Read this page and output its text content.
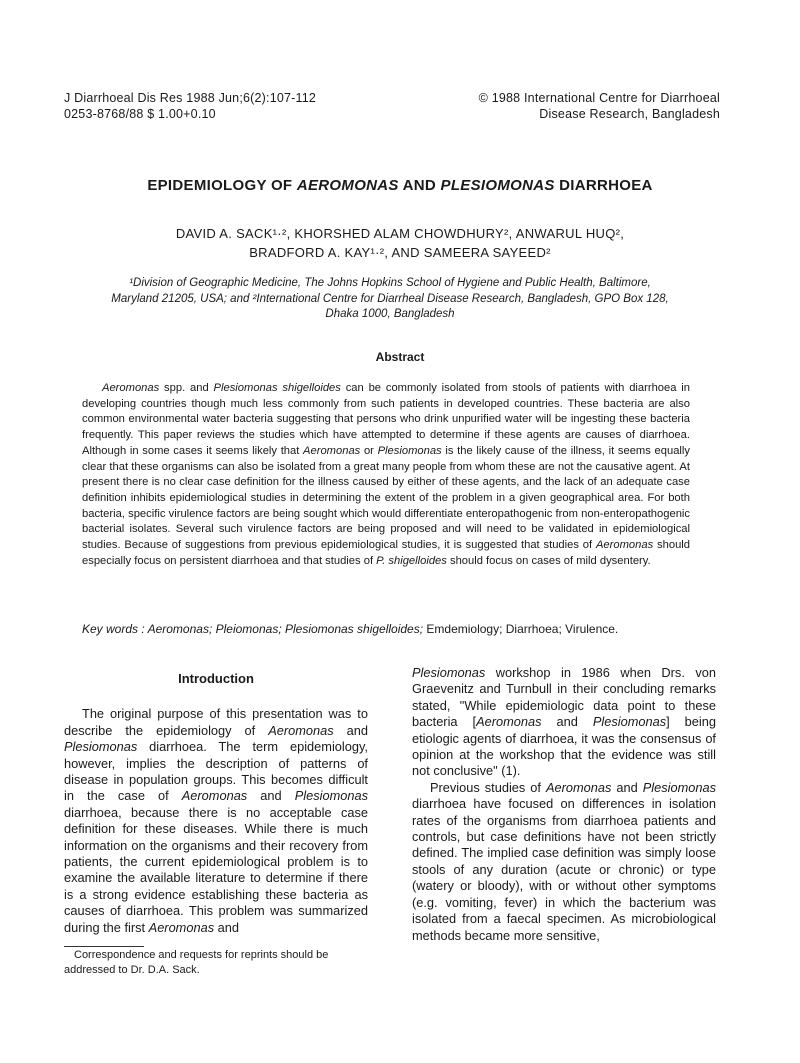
J Diarrhoeal Dis Res 1988 Jun;6(2):107-112
0253-8768/88 $ 1.00+0.10
© 1988 International Centre for Diarrhoeal
Disease Research, Bangladesh
EPIDEMIOLOGY OF AEROMONAS AND PLESIOMONAS DIARRHOEA
DAVID A. SACK¹·², KHORSHED ALAM CHOWDHURY², ANWARUL HUQ²,
BRADFORD A. KAY¹·², AND SAMEERA SAYEED²
¹Division of Geographic Medicine, The Johns Hopkins School of Hygiene and Public Health, Baltimore,
Maryland 21205, USA; and ²International Centre for Diarrheal Disease Research, Bangladesh, GPO Box 128,
Dhaka 1000, Bangladesh
Abstract

Aeromonas spp. and Plesiomonas shigelloides can be commonly isolated from stools of patients with diarrhoea in developing countries though much less commonly from such patients in developed countries. These bacteria are also common environmental water bacteria suggesting that persons who drink unpurified water will be ingesting these bacteria frequently. This paper reviews the studies which have attempted to determine if these agents are causes of diarrhoea. Although in some cases it seems likely that Aeromonas or Plesiomonas is the likely cause of the illness, it seems equally clear that these organisms can also be isolated from a great many people from whom these are not the causative agent. At present there is no clear case definition for the illness caused by either of these agents, and the lack of an adequate case definition inhibits epidemiological studies in determining the extent of the problem in a given geographical area. For both bacteria, specific virulence factors are being sought which would differentiate enteropathogenic from non-enteropathogenic bacterial isolates. Several such virulence factors are being proposed and will need to be validated in epidemiological studies. Because of suggestions from previous epidemiological studies, it is suggested that studies of Aeromonas should especially focus on persistent diarrhoea and that studies of P. shigelloides should focus on cases of mild dysentery.

Key words : Aeromonas; Pleiomonas; Plesiomonas shigelloides; Emdemiology; Diarrhoea; Virulence.

Introduction

The original purpose of this presentation was to describe the epidemiology of Aeromonas and Plesiomonas diarrhoea. The term epidemiology, however, implies the description of patterns of disease in population groups. This becomes difficult in the case of Aeromonas and Plesiomonas diarrhoea, because there is no acceptable case definition for these diseases. While there is much information on the organisms and their recovery from patients, the current epidemiological problem is to examine the available literature to determine if there is a strong evidence establishing these bacteria as causes of diarrhoea. This problem was summarized during the first Aeromonas and

Correspondence and requests for reprints should be addressed to Dr. D.A. Sack.

Plesiomonas workshop in 1986 when Drs. von Graevenitz and Turnbull in their concluding remarks stated, "While epidemiologic data point to these bacteria [Aeromonas and Plesiomonas] being etiologic agents of diarrhoea, it was the consensus of opinion at the workshop that the evidence was still not conclusive" (1).

Previous studies of Aeromonas and Plesiomonas diarrhoea have focused on differences in isolation rates of the organisms from diarrhoea patients and controls, but case definitions have not been strictly defined. The implied case definition was simply loose stools of any duration (acute or chronic) or type (watery or bloody), with or without other symptoms (e.g. vomiting, fever) in which the bacterium was isolated from a faecal specimen. As microbiological methods became more sensitive,
